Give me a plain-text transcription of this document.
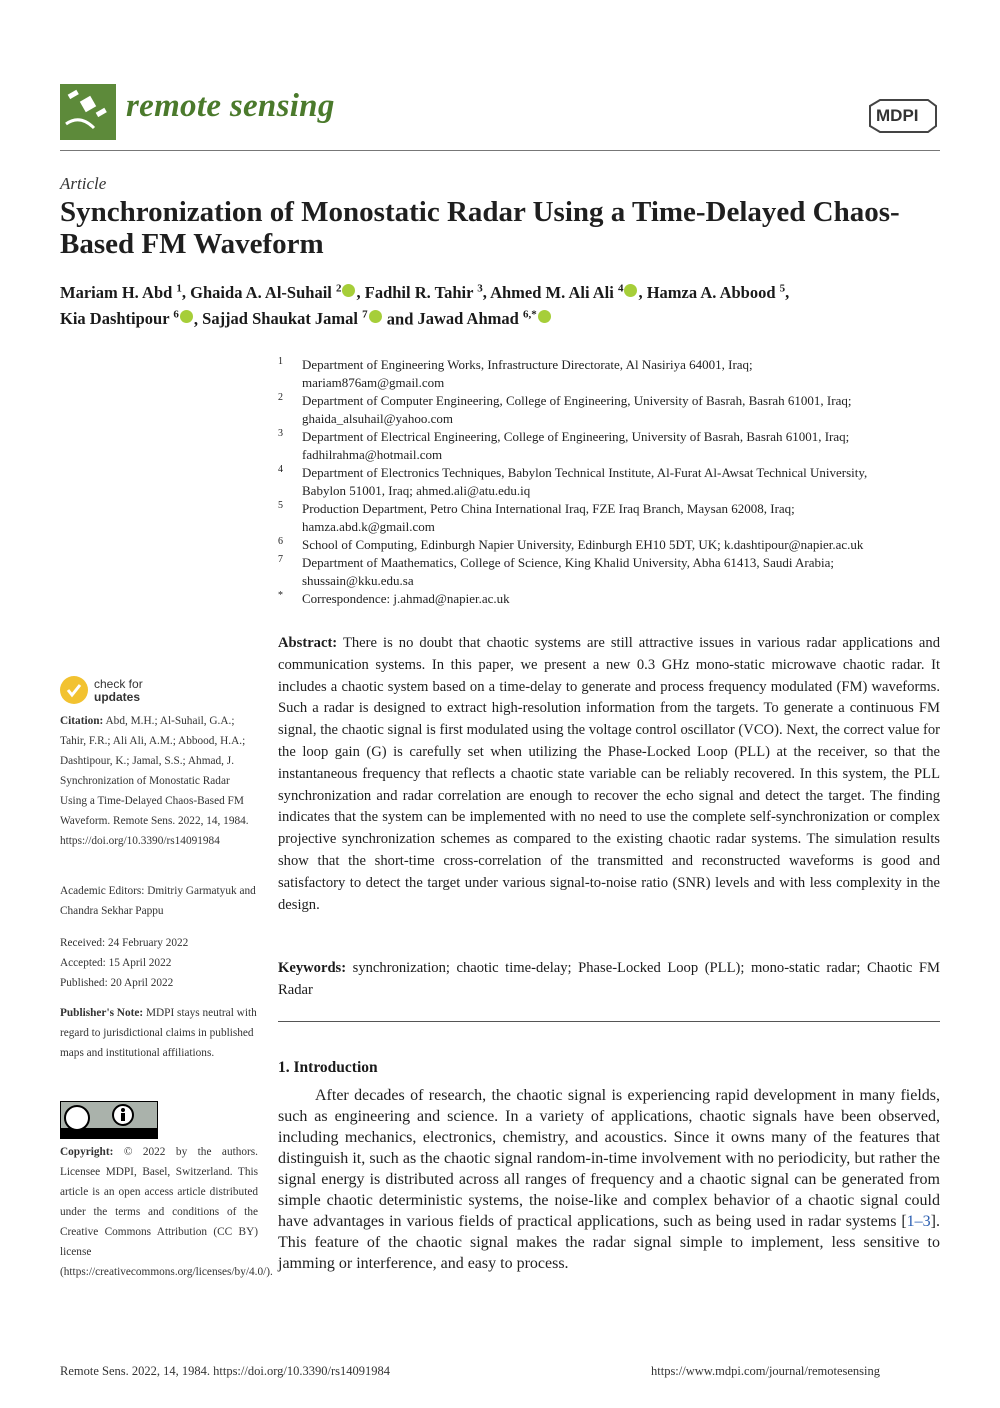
remote sensing	MDPI
Article
Synchronization of Monostatic Radar Using a Time-Delayed Chaos-Based FM Waveform
Mariam H. Abd $^1$, Ghaida A. Al-Suhail $^2$ , Fadhil R. Tahir $^3$, Ahmed M. Ali Ali $^4$ , Hamza A. Abbood $^5$,
Kia Dashtipour $^6$ , Sajjad Shaukat Jamal $^7$ and Jawad Ahmad $^{6,*}$
1 Department of Engineering Works, Infrastructure Directorate, Al Nasiriya 64001, Iraq;
mariam876am@gmail.com
2 Department of Computer Engineering, College of Engineering, University of Basrah, Basrah 61001, Iraq;
ghaida_alsuhail@yahoo.com
3 Department of Electrical Engineering, College of Engineering, University of Basrah, Basrah 61001, Iraq;
fadhilrahma@hotmail.com
4 Department of Electronics Techniques, Babylon Technical Institute, Al-Furat Al-Awsat Technical University,
Babylon 51001, Iraq; ahmed.ali@atu.edu.iq
5 Production Department, Petro China International Iraq, FZE Iraq Branch, Maysan 62008, Iraq;
hamza.abd.k@gmail.com
6 School of Computing, Edinburgh Napier University, Edinburgh EH10 5DT, UK; k.dashtipour@napier.ac.uk
7 Department of Maathematics, College of Science, King Khalid University, Abha 61413, Saudi Arabia;
shussain@kku.edu.sa
* Correspondence: j.ahmad@napier.ac.uk
Abstract: There is no doubt that chaotic systems are still attractive issues in various radar applications and communication systems. In this paper, we present a new 0.3 GHz mono-static microwave chaotic radar. It includes a chaotic system based on a time-delay to generate and process frequency modulated (FM) waveforms. Such a radar is designed to extract high-resolution information from the targets. To generate a continuous FM signal, the chaotic signal is first modulated using the voltage control oscillator (VCO). Next, the correct value for the loop gain (G) is carefully set when utilizing the Phase-Locked Loop (PLL) at the receiver, so that the instantaneous frequency that reflects a chaotic state variable can be reliably recovered. In this system, the PLL synchronization and radar correlation are enough to recover the echo signal and detect the target. The finding indicates that the system can be implemented with no need to use the complete self-synchronization or complex projective synchronization schemes as compared to the existing chaotic radar systems. The simulation results show that the short-time cross-correlation of the transmitted and reconstructed waveforms is good and satisfactory to detect the target under various signal-to-noise ratio (SNR) levels and with less complexity in the design.
Keywords: synchronization; chaotic time-delay; Phase-Locked Loop (PLL); mono-static radar; Chaotic FM Radar
1. Introduction
After decades of research, the chaotic signal is experiencing rapid development in many fields, such as engineering and science. In a variety of applications, chaotic signals have been observed, including mechanics, electronics, chemistry, and acoustics. Since it owns many of the features that distinguish it, such as the chaotic signal random-in-time involvement with no periodicity, but rather the signal energy is distributed across all ranges of frequency and a chaotic signal can be generated from simple chaotic deterministic systems, the noise-like and complex behavior of a chaotic signal could have advantages in various fields of practical applications, such as being used in radar systems [1–3]. This feature of the chaotic signal makes the radar signal simple to implement, less sensitive to jamming or interference, and easy to process.
check for
updates
Citation: Abd, M.H.; Al-Suhail, G.A.; Tahir, F.R.; Ali Ali, A.M.; Abbood, H.A.; Dashtipour, K.; Jamal, S.S.; Ahmad, J. Synchronization of Monostatic Radar Using a Time-Delayed Chaos-Based FM Waveform. Remote Sens. 2022, 14, 1984. https://doi.org/10.3390/rs14091984
Academic Editors: Dmitriy Garmatyuk and Chandra Sekhar Pappu
Received: 24 February 2022
Accepted: 15 April 2022
Published: 20 April 2022
Publisher's Note: MDPI stays neutral with regard to jurisdictional claims in published maps and institutional affiliations.
Copyright: © 2022 by the authors. Licensee MDPI, Basel, Switzerland. This article is an open access article distributed under the terms and conditions of the Creative Commons Attribution (CC BY) license (https://creativecommons.org/licenses/by/4.0/).
Remote Sens. 2022, 14, 1984. https://doi.org/10.3390/rs14091984	https://www.mdpi.com/journal/remotesensing
